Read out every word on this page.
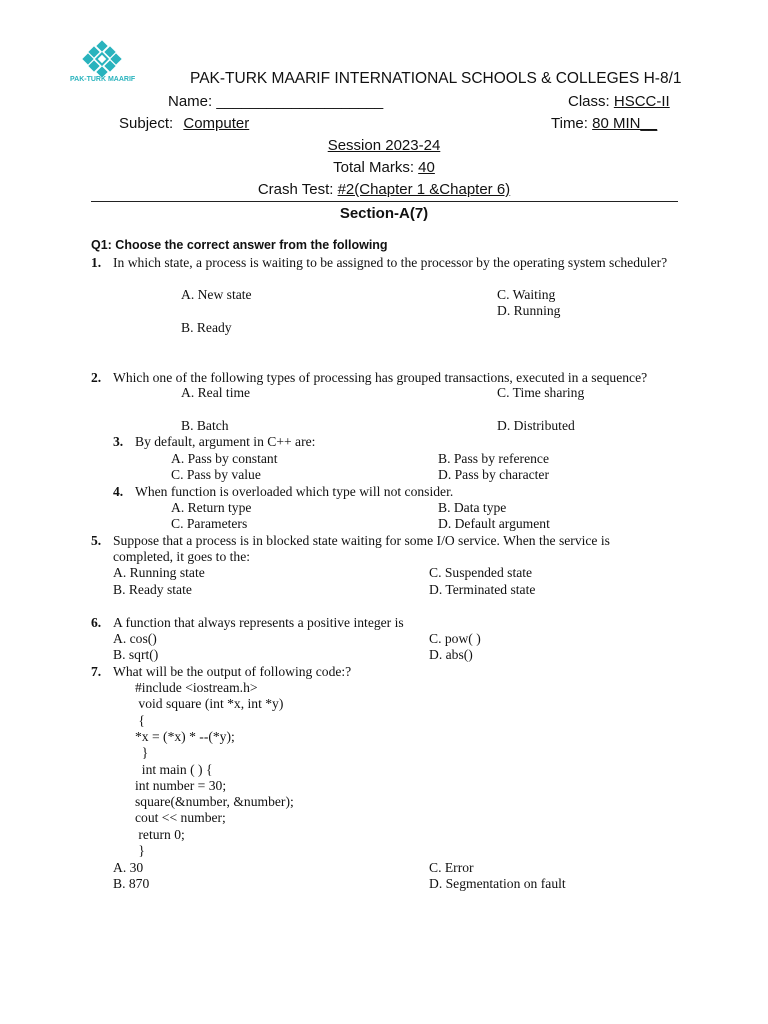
PAK-TURK MAARIF	PAK-TURK MAARIF INTERNATIONAL SCHOOLS & COLLEGES H-8/1
Name: ____________________	Class: HSCC-II
Subject: Computer	Time: 80 MIN__
Session 2023-24
Total Marks: 40
Crash Test: #2(Chapter 1 &Chapter 6)
Section-A(7)
Q1: Choose the correct answer from the following
1. In which state, a process is waiting to be assigned to the processor by the operating system scheduler?
A. New state	C. Waiting
D. Running
B. Ready
2. Which one of the following types of processing has grouped transactions, executed in a sequence?
A. Real time	C. Time sharing
B. Batch	D. Distributed
3. By default, argument in C++ are:
A. Pass by constant	B. Pass by reference
C. Pass by value	D. Pass by character
4. When function is overloaded which type will not consider.
A. Return type	B. Data type
C. Parameters	D. Default argument
5. Suppose that a process is in blocked state waiting for some I/O service. When the service is
completed, it goes to the:
A. Running state	C. Suspended state
B. Ready state	D. Terminated state
6. A function that always represents a positive integer is
A. cos()	C. pow( )
B. sqrt()	D. abs()
7. What will be the output of following code:?
#include <iostream.h>
void square (int *x, int *y)
{
*x = (*x) * --(*y);
}
int main ( ) {
int number = 30;
square(&number, &number);
cout << number;
return 0;
}
A. 30	C. Error
B. 870	D. Segmentation on fault
